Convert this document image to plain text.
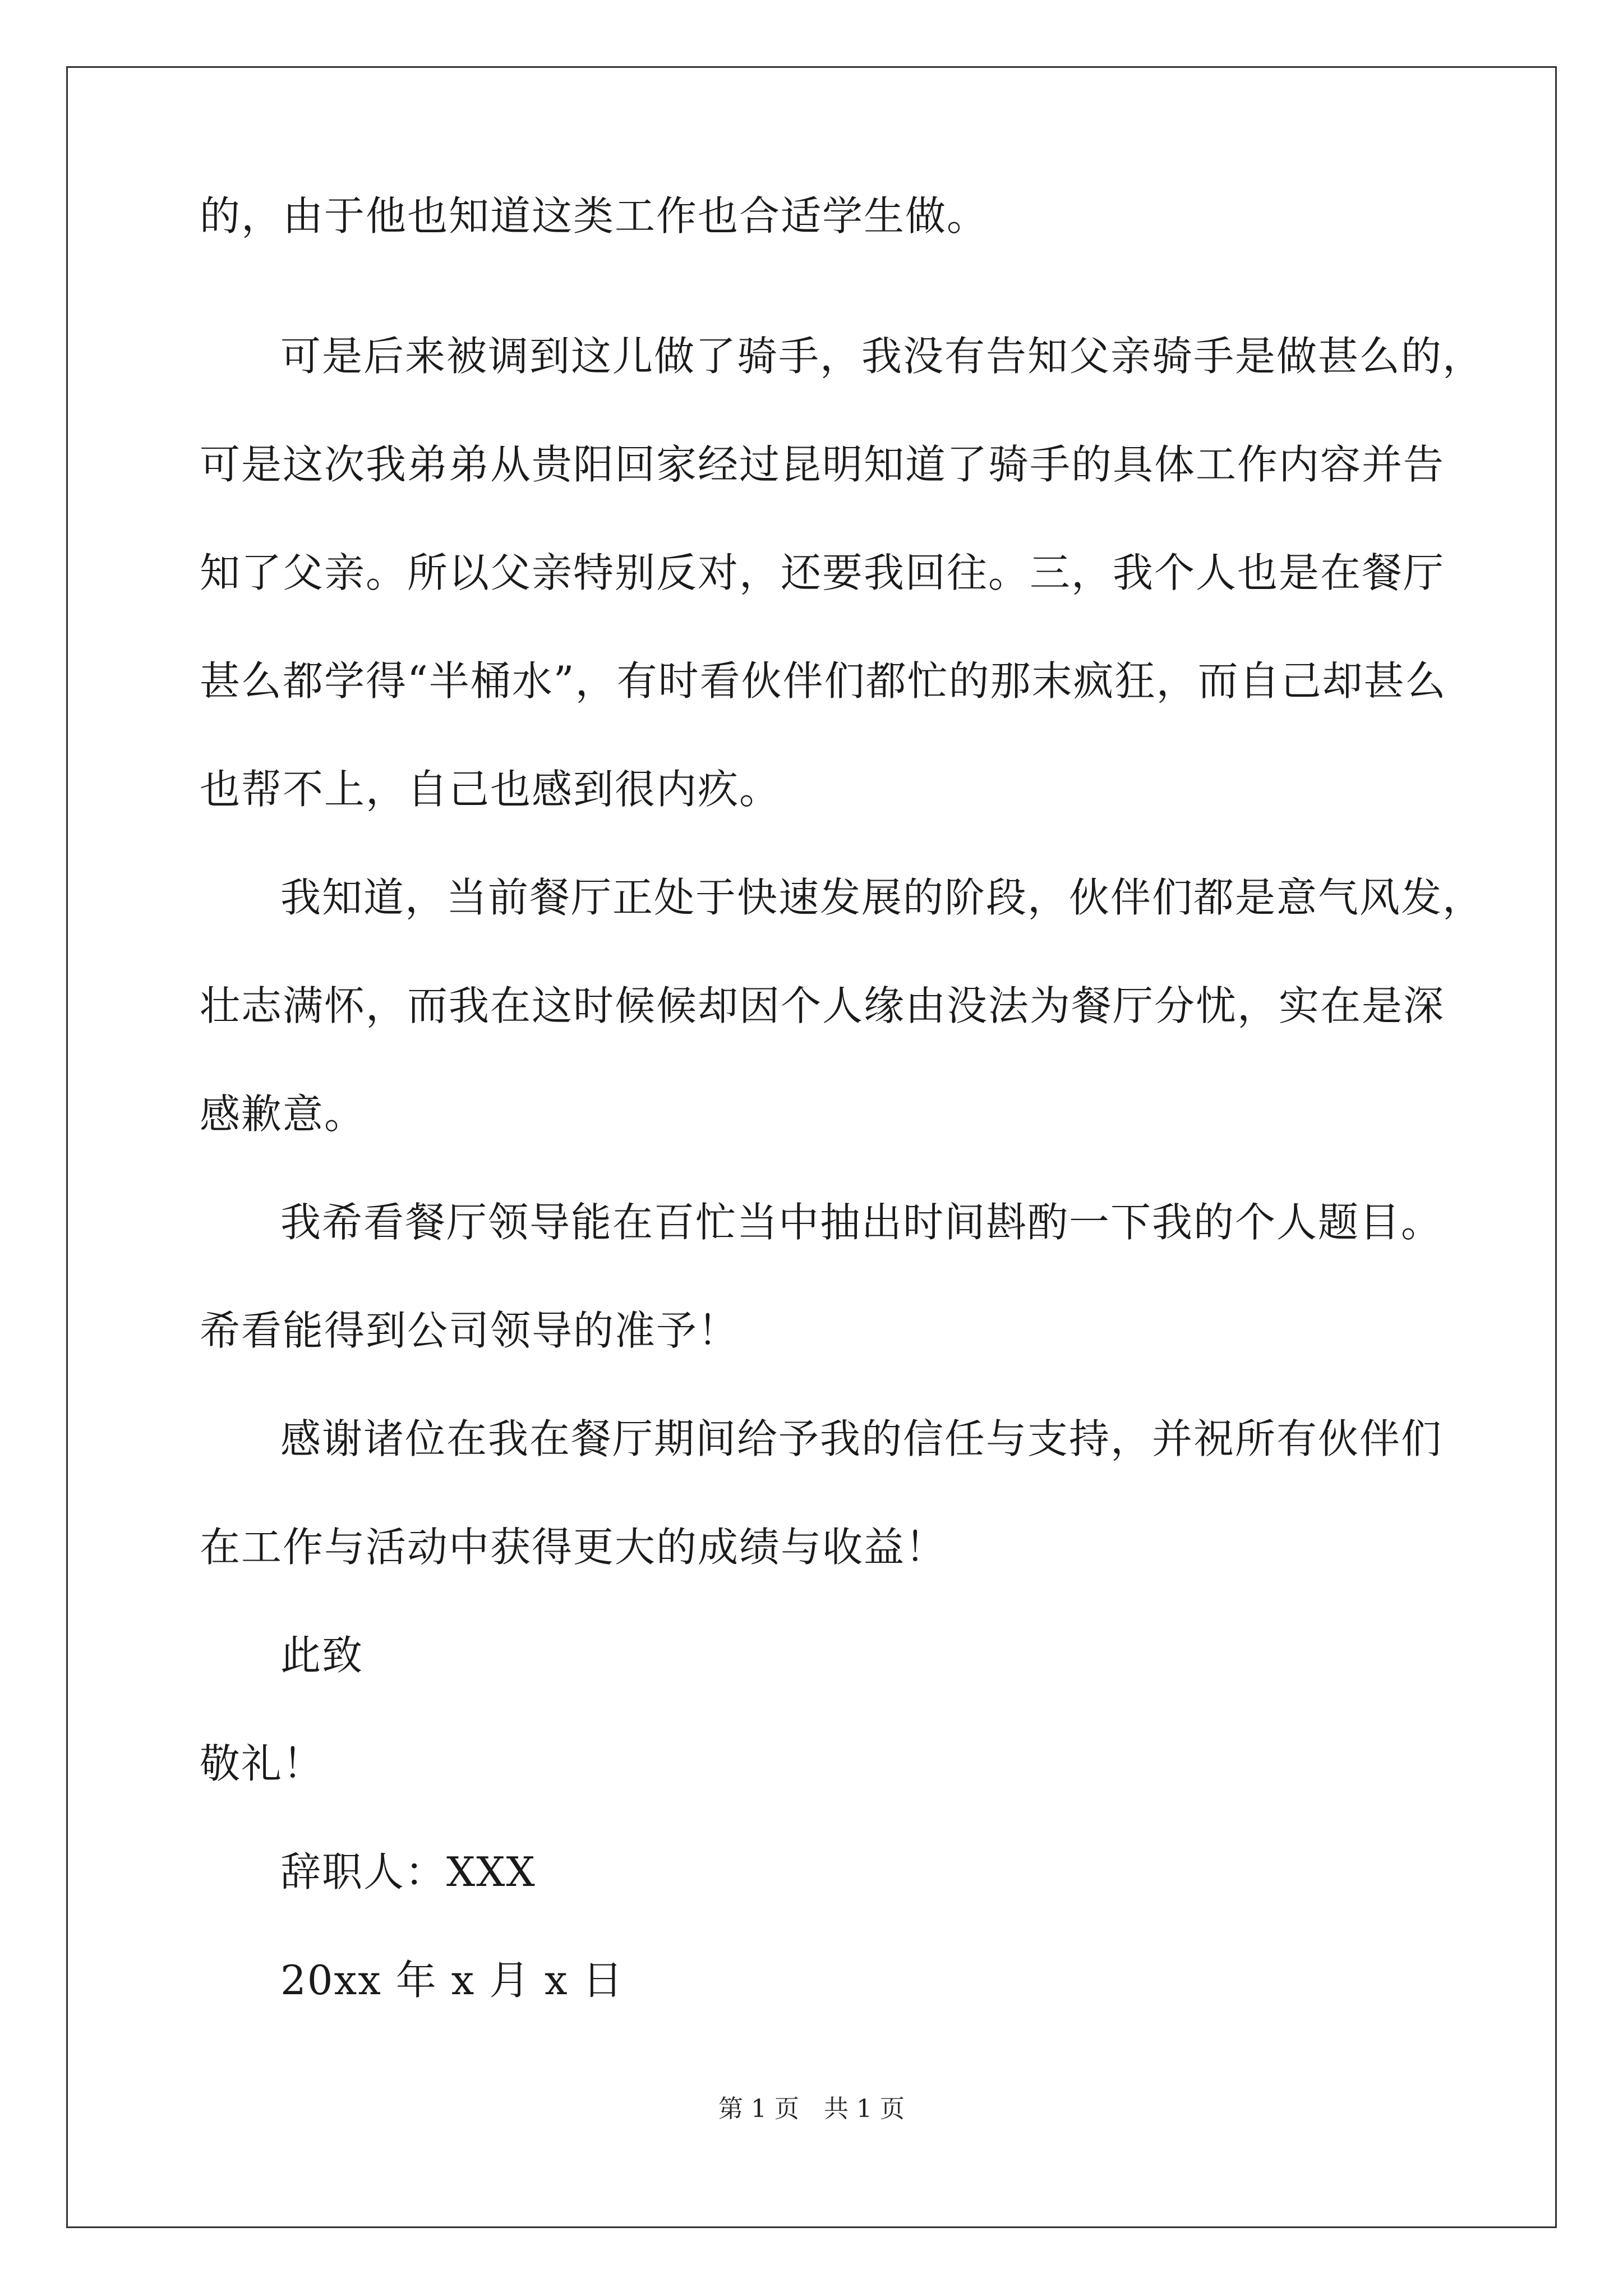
的，由于他也知道这类工作也合适学生做。
可是后来被调到这儿做了骑手，我没有告知父亲骑手是做甚么的，
可是这次我弟弟从贵阳回家经过昆明知道了骑手的具体工作内容并告
知了父亲。所以父亲特别反对，还要我回往。三，我个人也是在餐厅
甚么都学得“半桶水”，有时看伙伴们都忙的那末疯狂，而自己却甚么
也帮不上，自己也感到很内疚。
我知道，当前餐厅正处于快速发展的阶段，伙伴们都是意气风发，
壮志满怀，而我在这时候候却因个人缘由没法为餐厅分忧，实在是深
感歉意。
我希看餐厅领导能在百忙当中抽出时间斟酌一下我的个人题目。
希看能得到公司领导的准予！
感谢诸位在我在餐厅期间给予我的信任与支持，并祝所有伙伴们
在工作与活动中获得更大的成绩与收益！
此致
敬礼！
辞职人：XXX
20xx 年 x 月 x 日
第 1 页　共 1 页
